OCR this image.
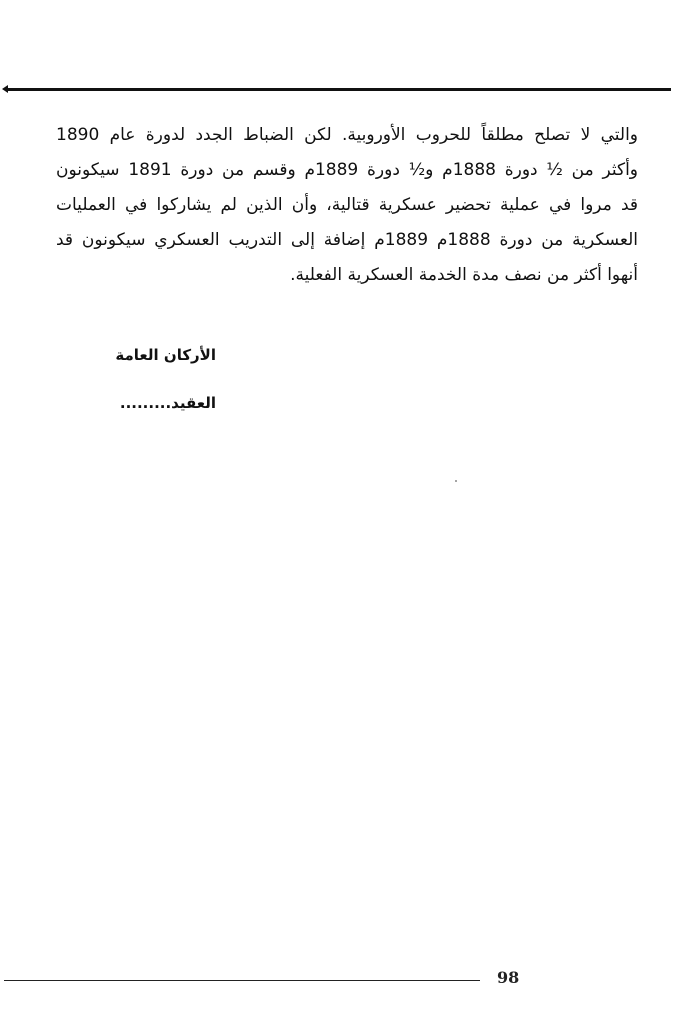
والتي لا تصلح مطلقاً للحروب الأوروبية. لكن الضباط الجدد لدورة عام 1890
وأكثر من ½ دورة 1888م و½ دورة 1889م وقسم من دورة 1891 سيكونون
قد مروا في عملية تحضير عسكرية قتالية، وأن الذين لم يشاركوا في العمليات
العسكرية من دورة 1888م 1889م إضافة إلى التدريب العسكري سيكونون قد
أنهوا أكثر من نصف مدة الخدمة العسكرية الفعلية.
الأركان العامة
العقيد.........
98
